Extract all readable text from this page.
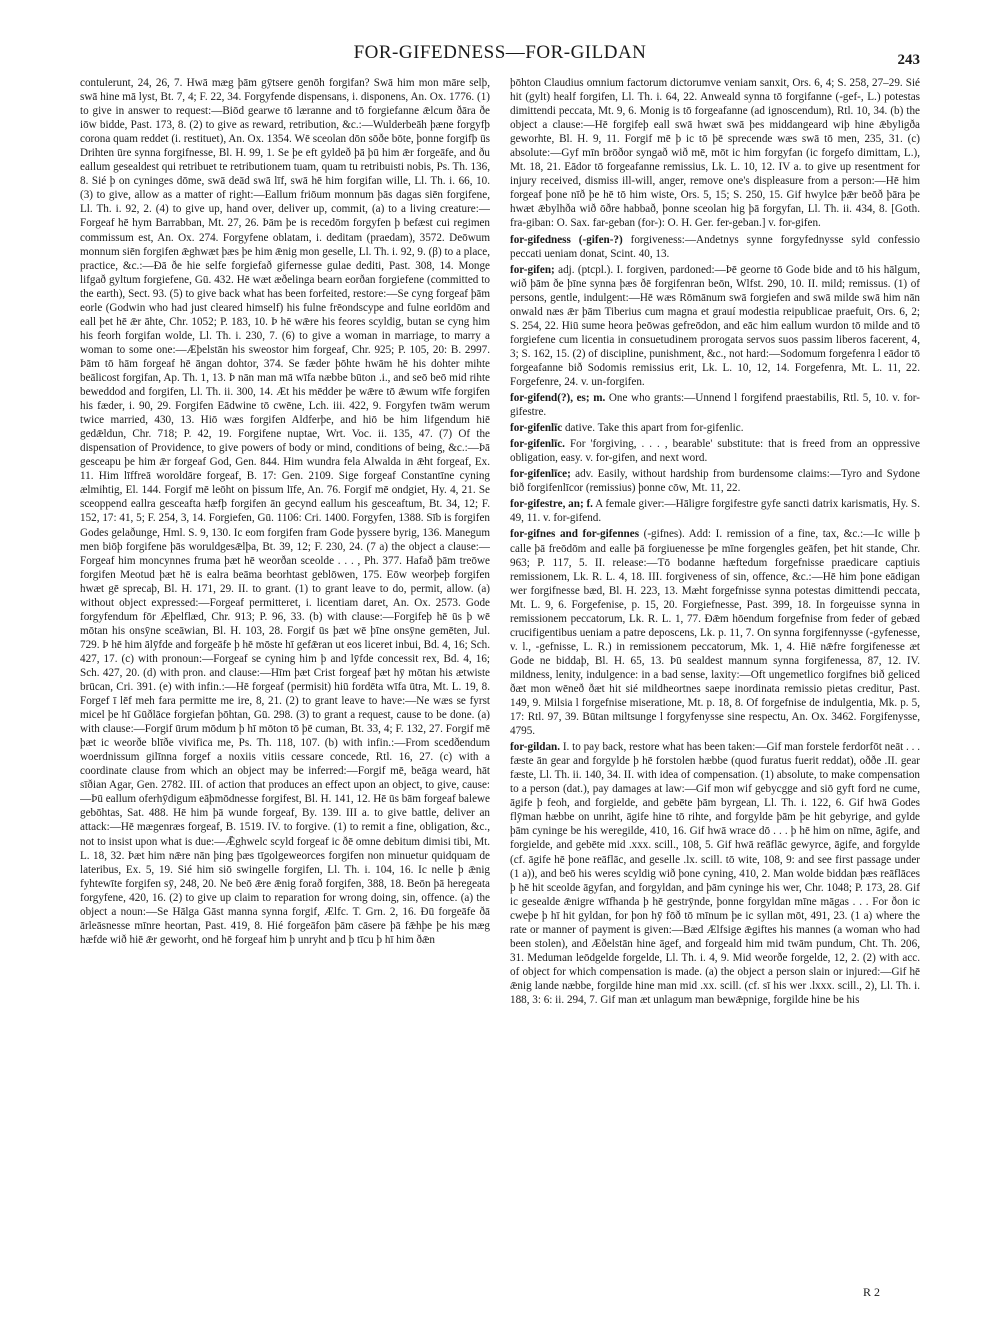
FOR-GIFEDNESS—FOR-GILDAN	243

contulerunt, 24, 26, 7. Hwā mæg þām gȳtsere genōh forgifan? Swā him mon māre selþ, swā hine mā lyst, Bt. 7, 4; F. 22, 34. Forgyfende dispensans, i. disponens, An. Ox. 1776. (1) to give in answer to request:—Biōd gearwe tō læranne and tō forgiefanne ǣlcum ðāra ðe iōw bidde, Past. 173, 8. (2) to give as reward, retribution, &c.:—Wulderbeāh þæne forgyfþ corona quam reddet (i. restituet), An. Ox. 1354. Wē sceolan dōn sōðe bōte, þonne forgifþ ūs Drihten ūre synna forgifnesse, Bl. H. 99, 1. Se þe eft gyldeð þā þū him ǣr forgeāfe, and ðu eallum gesealdest qui retribuet te retributionem tuam, quam tu retribuisti nobis, Ps. Th. 136, 8. Sié þ on cyninges dōme, swā deād swā līf, swā hē him forgifan wille, Ll. Th. i. 66, 10. (3) to give, allow as a matter of right:—Eallum friōum monnum þās dagas siēn forgifene, Ll. Th. i. 92, 2. (4) to give up, hand over, deliver up, commit, (a) to a living creature:—Forgeaf hē hym Barrabban, Mt. 27, 26. Þām þe is recedōm forgyfen þ befæst cui regimen commissum est, An. Ox. 274. Forgyfene oblatam, i. deditam (praedam), 3572. Deōwum monnum siēn forgifen ǣghwæt þæs þe him ǣnig mon geselle, Ll. Th. i. 92, 9. (β) to a place, practice, &c.:—Ðā ðe hie selfe forgiefað gifernesse gulae dediti, Past. 308, 14. Monge lifgað gyltum forgiefene, Gū. 432. Hē wæt æðelinga bearn eorðan forgiefene (committed to the earth), Sect. 93. (5) to give back what has been forfeited, restore:—Se cyng forgeaf þām eorle (Godwin who had just cleared himself) his fulne frēondscype and fulne eorldōm and eall þet hē ǣr āhte, Chr. 1052; P. 183, 10. Þ hē wǣre his feores scyldig, butan se cyng him his feorh forgifan wolde, Ll. Th. i. 230, 7. (6) to give a woman in marriage, to marry a woman to some one:—Æþelstān his sweostor him forgeaf, Chr. 925; P. 105, 20: B. 2997. Þām tō hām forgeaf hē āngan dohtor, 374. Se fæder þōhte hwām hē his dohter mihte beālicost forgifan, Ap. Th. 1, 13. Þ nān man mā wīfa næbbe būton .i., and seō beō mid rihte beweddod and forgifen, Ll. Th. ii. 300, 14. Æt his mēdder þe wǣre tō ǣwum wīfe forgifen his fæder, i. 90, 29. Forgifen Eādwine tō cwēne, Lch. iii. 422, 9. Forgyfen twām werum twice married, 430, 13. Hiō wæs forgifen Aldferþe, and hiō be him lifgendum hiē gedǣldun, Chr. 718; P. 42, 19. Forgifene nuptae, Wrt. Voc. ii. 135, 47. (7) Of the dispensation of Providence, to give powers of body or mind, conditions of being, &c.:—Þā gesceapu þe him ǣr forgeaf God, Gen. 844. Him wundra fela Alwalda in ǣht forgeaf, Ex. 11. Him līffreā woroldāre forgeaf, B. 17: Gen. 2109. Sige forgeaf Constantīne cyning ælmihtig, El. 144. Forgif mē leōht on þissum līfe, An. 76. Forgif mē ondgiet, Hy. 4, 21. Se sceoppend eallra gesceafta hæfþ forgifen ān gecynd eallum his gesceaftum, Bt. 34, 12; F. 152, 17: 41, 5; F. 254, 3, 14. Forgiefen, Gū. 1106: Cri. 1400. Forgyfen, 1388. Sīb is forgifen Godes gelaðunge, Hml. S. 9, 130. Ic eom forgifen fram Gode þyssere byrig, 136. Manegum men biōþ forgifene þās woruldgesǣlþa, Bt. 39, 12; F. 230, 24. (7 a) the object a clause:—Forgeaf him moncynnes fruma þæt hē weorðan sceolde . . . , Ph. 377. Hafað þām treōwe forgifen Meotud þæt hē is ealra beāma beorhtast geblōwen, 175. Eōw weorþeþ forgifen hwæt gē sprecaþ, Bl. H. 171, 29. II. to grant. (1) to grant leave to do, permit, allow. (a) without object expressed:—Forgeaf permitteret, i. licentiam daret, An. Ox. 2573. Gode forgyfendum fōr Æþelflæd, Chr. 913; P. 96, 33. (b) with clause:—Forgifeþ hē ūs þ wē mōtan his onsȳne sceāwian, Bl. H. 103, 28. Forgif ūs þæt wē þīne onsȳne gemēten, Jul. 729. Þ hē him ālȳfde and forgeāfe þ hē mōste hī gefǣran ut eos liceret inbui, Bd. 4, 16; Sch. 427, 17. (c) with pronoun:—Forgeaf se cyning him þ and lȳfde concessit rex, Bd. 4, 16; Sch. 427, 20. (d) with pron. and clause:—Hīm þæt Crist forgeaf þæt hȳ mōtan his ætwiste brūcan, Cri. 391. (e) with infin.:—Hē forgeaf (permisit) hiū fordēta wīfa ūtra, Mt. L. 19, 8. Forgef ī lēf meh fara permitte me ire, 8, 21. (2) to grant leave to have:—Ne wæs se fyrst micel þe hī Gūðlāce forgiefan þōhtan, Gū. 298. (3) to grant a request, cause to be done. (a) with clause:—Forgif ūrum mōdum þ hī mōton tō þē cuman, Bt. 33, 4; F. 132, 27. Forgif mē þæt ic weorðe blīðe vivifica me, Ps. Th. 118, 107. (b) with infin.:—From scedðendum woerdnissum gilīnna forgef a noxiis vitiis cessare concede, Rtl. 16, 27. (c) with a coordinate clause from which an object may be inferred:—Forgif mē, beāga weard, hāt sīðian Agar, Gen. 2782. III. of action that produces an effect upon an object, to give, cause:—Þū eallum oferhȳdigum eāþmōdnesse forgifest, Bl. H. 141, 12. Hē ūs bām forgeaf balewe gebōhtas, Sat. 488. Hē him þā wunde forgeaf, By. 139. III a. to give battle, deliver an attack:—Hē mægenræs forgeaf, B. 1519. IV. to forgive. (1) to remit a fine, obligation, &c., not to insist upon what is due:—Ǣghwelc scyld forgeaf ic ðē omne debitum dimisi tibi, Mt. L. 18, 32. Þæt him nǣre nān þing þæs tīgolgeweorces forgifen non minuetur quidquam de lateribus, Ex. 5, 19. Sié him siō swingelle forgifen, Ll. Th. i. 104, 16. Ic nelle þ ǣnig fyhtewīte forgifen sȳ, 248, 20. Ne beō ǣre ǣnig forað forgifen, 388, 18. Beōn þā heregeata forgyfene, 420, 16. (2) to give up claim to reparation for wrong doing, sin, offence. (a) the object a noun:—Se Hālga Gāst manna synna forgif, Ælfc. T. Grn. 2, 16. Ðū forgeāfe ðā ārleāsnesse mīnre heortan, Past. 419, 8. Hié forgeāfon þām cāsere þā fǣhþe þe his mæg hæfde wið hiē ǣr geworht, ond hē forgeaf him þ unryht and þ tīcu þ hī him ðǣn

þōhton Claudius omnium factorum dictorumve veniam sanxit, Ors. 6, 4; S. 258, 27–29. Sié hit (gylt) healf forgifen, Ll. Th. i. 64, 22. Anweald synna tō forgifanne (-gef-, L.) potestas dimittendi peccata, Mt. 9, 6. Monig is tō forgeafanne (ad ignoscendum), Rtl. 10, 34. (b) the object a clause:—Hē forgifeþ eall swā hwæt swā þes middangeard wiþ hine ǣbyligða geworhte, Bl. H. 9, 11. Forgif mē þ ic tō þē sprecende wæs swā tō men, 235, 31. (c) absolute:—Gyf mīn brōðor syngað wið mē, mōt ic him forgyfan (ic forgefo dimittam, L.), Mt. 18, 21. Eādor tō forgeafanne remissius, Lk. L. 10, 12. IV a. to give up resentment for injury received, dismiss ill-will, anger, remove one's displeasure from a person:—Hē him forgeaf þone nīð þe hē tō him wiste, Ors. 5, 15; S. 250, 15. Gif hwylce þǣr beōð þāra þe hwæt ǣbylhða wið ōðre habbað, þonne sceolan hig þā forgyfan, Ll. Th. ii. 434, 8. [Goth. fra-giban: O. Sax. far-geban (for-): O. H. Ger. fer-geban.] v. for-gifen.

for-gifedness (-gifen-?) forgiveness:—Andetnys synne forgyfednysse syld confessio peccati ueniam donat, Scint. 40, 13.

for-gifen; adj. (ptcpl.). I. forgiven, pardoned:—Þē georne tō Gode bide and tō his hālgum, wið þām ðe þīne synna þæs ðē forgifenran beōn, Wlfst. 290, 10. II. mild; remissus. (1) of persons, gentle, indulgent:—Hē wæs Rōmānum swā forgiefen and swā milde swā him nān onwald næs ǣr þām Tiberius cum magna et grauí modestia reipublicae praefuit, Ors. 6, 2; S. 254, 22. Hiū sume heora þeōwas gefreōdon, and eāc him eallum wurdon tō milde and tō forgiefene cum licentia in consuetudinem prorogata servos suos passim liberos facerent, 4, 3; S. 162, 15. (2) of discipline, punishment, &c., not hard:—Sodomum forgefenra l eādor tō forgeafanne bið Sodomis remissius erit, Lk. L. 10, 12, 14. Forgefenra, Mt. L. 11, 22. Forgefenre, 24. v. un-forgifen.

for-gifend(?), es; m. One who grants:—Unnend l forgifend praestabilis, Rtl. 5, 10. v. for-gifestre.

for-gifenlīc dative. Take this apart from for-gifenlic.

for-gifenlīc. For 'forgiving, . . . , bearable' substitute: that is freed from an oppressive obligation, easy. v. for-gifen, and next word.

for-gifenlīce; adv. Easily, without hardship from burdensome claims:—Tyro and Sydone bið forgifenlīcor (remissius) þonne cōw, Mt. 11, 22.

for-gifestre, an; f. A female giver:—Hāligre forgifestre gyfe sancti datrix karismatis, Hy. S. 49, 11. v. for-gifend.

for-gifnes and for-gifennes (-gifnes). Add: I. remission of a fine, tax, &c.:—Ic wille þ calle þā freōdōm and ealle þā forgiuenesse þe mīne forgengles geāfen, þet hit stande, Chr. 963; P. 117, 5. II. release:—Tō bodanne hæftedum forgefnisse praedicare captiuis remissionem, Lk. R. L. 4, 18. III. forgiveness of sin, offence, &c.:—Hē him þone eādigan wer forgifnesse bæd, Bl. H. 223, 13. Mæht forgefnisse synna potestas dimittendi peccata, Mt. L. 9, 6. Forgefenise, p. 15, 20. Forgiefnesse, Past. 399, 18. In forgeuisse synna in remissionem peccatorum, Lk. R. L. 1, 77. Ðǣm hōendum forgefnise from feder of gebæd crucifigentibus ueniam a patre deposcens, Lk. p. 11, 7. On synna forgifennysse (-gyfenesse, v. l., -gefnisse, L. R.) in remissionem peccatorum, Mk. 1, 4. Hiē nǣfre forgifenesse æt Gode ne biddaþ, Bl. H. 65, 13. Þū sealdest mannum synna forgifenessa, 87, 12. IV. mildness, lenity, indulgence: in a bad sense, laxity:—Oft ungemetlico forgifnes bið geliced ðæt mon wēneð ðæt hit sié mildheortnes saepe inordinata remissio pietas creditur, Past. 149, 9. Milsia l forgefnise miseratione, Mt. p. 18, 8. Of forgefnise de indulgentia, Mk. p. 5, 17: Rtl. 97, 39. Būtan miltsunge l forgyfenysse sine respectu, An. Ox. 3462. Forgifenysse, 4795.

for-gildan. I. to pay back, restore what has been taken:—Gif man forstele ferdorfōt neāt . . . fæste ān gear and forgylde þ hē forstolen hæbbe (quod furatus fuerit reddat), oððe .II. gear fæste, Ll. Th. ii. 140, 34. II. with idea of compensation. (1) absolute, to make compensation to a person (dat.), pay damages at law:—Gif mon wif gebycgge and siō gyft ford ne cume, āgife þ feoh, and forgielde, and gebēte þām byrgean, Ll. Th. i. 122, 6. Gif hwā Godes flȳman hæbbe on unriht, āgife hine tō rihte, and forgylde þām þe hit gebyrige, and gylde þām cyninge be his weregilde, 410, 16. Gif hwā wrace dō . . . þ hē him on nīme, āgife, and forgielde, and gebēte mid .xxx. scill., 108, 5. Gif hwā reāflāc gewyrce, āgife, and forgylde (cf. āgife hē þone reāflāc, and geselle .lx. scill. tō wite, 108, 9: and see first passage under (1 a)), and beō his weres scyldig wið þone cyning, 410, 2. Man wolde biddan þæs reāflāces þ hē hit sceolde āgyfan, and forgyldan, and þām cyninge his wer, Chr. 1048; P. 173, 28. Gif ic gesealde ǣnigre wīfhanda þ hē gestrȳnde, þonne forgyldan mīne māgas . . . For ðon ic cweþe þ hī hit gyldan, for þon hȳ fōð tō mīnum þe ic syllan mōt, 491, 23. (1 a) where the rate or manner of payment is given:—Bæd Ælfsige ǣgiftes his mannes (a woman who had been stolen), and Æðelstān hine āgef, and forgeald him mid twām pundum, Cht. Th. 206, 31. Meduman leōdgelde forgelde, Ll. Th. i. 4, 9. Mid weorðe forgelde, 12, 2. (2) with acc. of object for which compensation is made. (a) the object a person slain or injured:—Gif hē ǣnig lande næbbe, forgilde hine man mid .xx. scill. (cf. sī his wer .lxxx. scill., 2), Ll. Th. i. 188, 3: 6: ii. 294, 7. Gif man æt unlagum man bewǣpnige, forgilde hine be his

R 2
